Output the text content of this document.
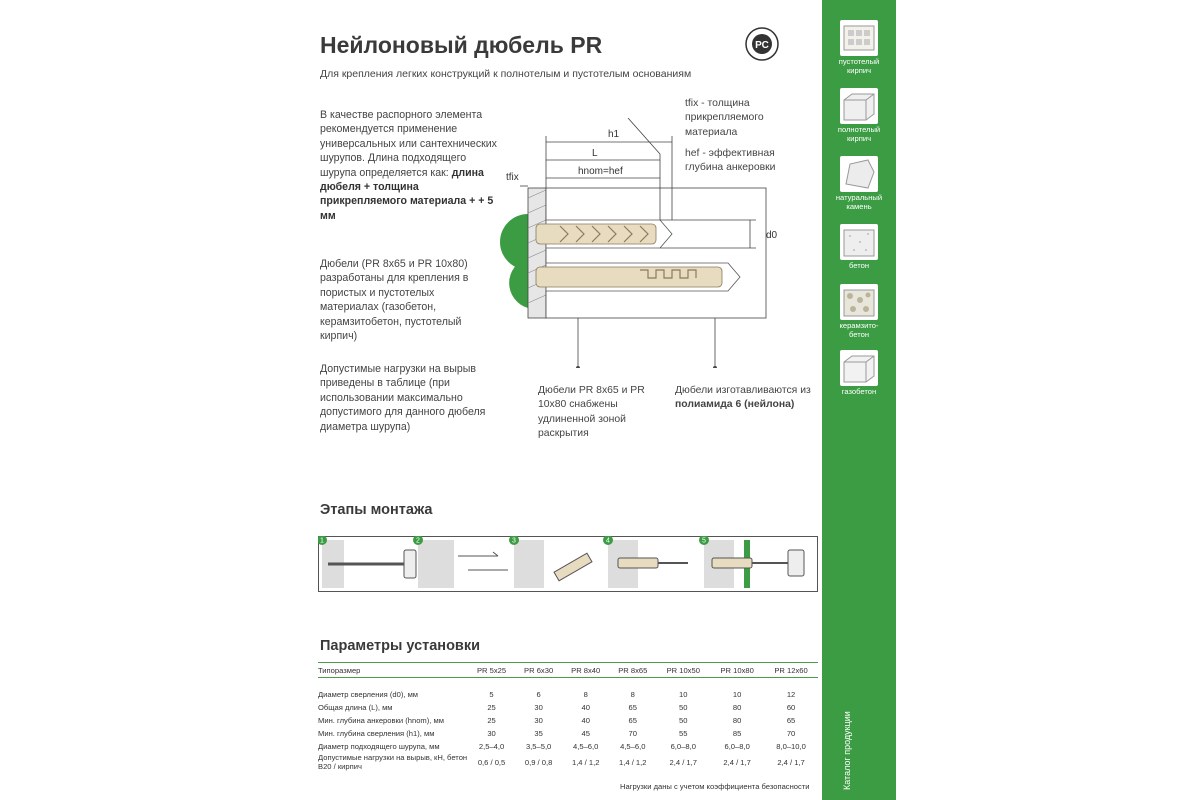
Нейлоновый дюбель PR
Для крепления легких конструкций к полнотелым и пустотелым основаниям
РС
В качестве распорного элемента рекомендуется применение универсальных или сантехнических шурупов. Длина подходящего шурупа определяется как: длина дюбеля + толщина прикрепляемого материала + + 5 мм
Дюбели (PR 8x65 и PR 10x80) разработаны для крепления в пористых и пустотелых материалах (газобетон, керамзитобетон, пустотелый кирпич)
Допустимые нагрузки на вырыв приведены в таблице (при использовании максимально допустимого для данного дюбеля диаметра шурупа)
h1
L
hnom=hef
tfix
d0
tfix - толщина прикрепляемого материала
hef - эффективная глубина анкеровки
Дюбели PR 8x65 и PR 10x80 снабжены удлиненной зоной раскрытия
Дюбели изготавливаются из полиамида 6 (нейлона)
Этапы монтажа
1	2	3	4	5
Параметры установки
Типоразмер	PR 5x25	PR 6x30	PR 8x40	PR 8x65	PR 10x50	PR 10x80	PR 12x60

Диаметр сверления (d0), мм	5	6	8	8	10	10	12
Общая длина (L), мм	25	30	40	65	50	80	60
Мин. глубина анкеровки (hnom), мм	25	30	40	65	50	80	65
Мин. глубина сверления (h1), мм	30	35	45	70	55	85	70
Диаметр подходящего шурупа, мм	2,5–4,0	3,5–5,0	4,5–6,0	4,5–6,0	6,0–8,0	6,0–8,0	8,0–10,0
Допустимые нагрузки на вырыв, кН, бетон В20 / кирпич	0,6 / 0,5	0,9 / 0,8	1,4 / 1,2	1,4 / 1,2	2,4 / 1,7	2,4 / 1,7	2,4 / 1,7
Нагрузки даны с учетом коэффициента безопасности
пустотелый кирпич
полнотелый кирпич
натуральный камень
бетон
керамзито-бетон
газобетон
Каталог продукции
